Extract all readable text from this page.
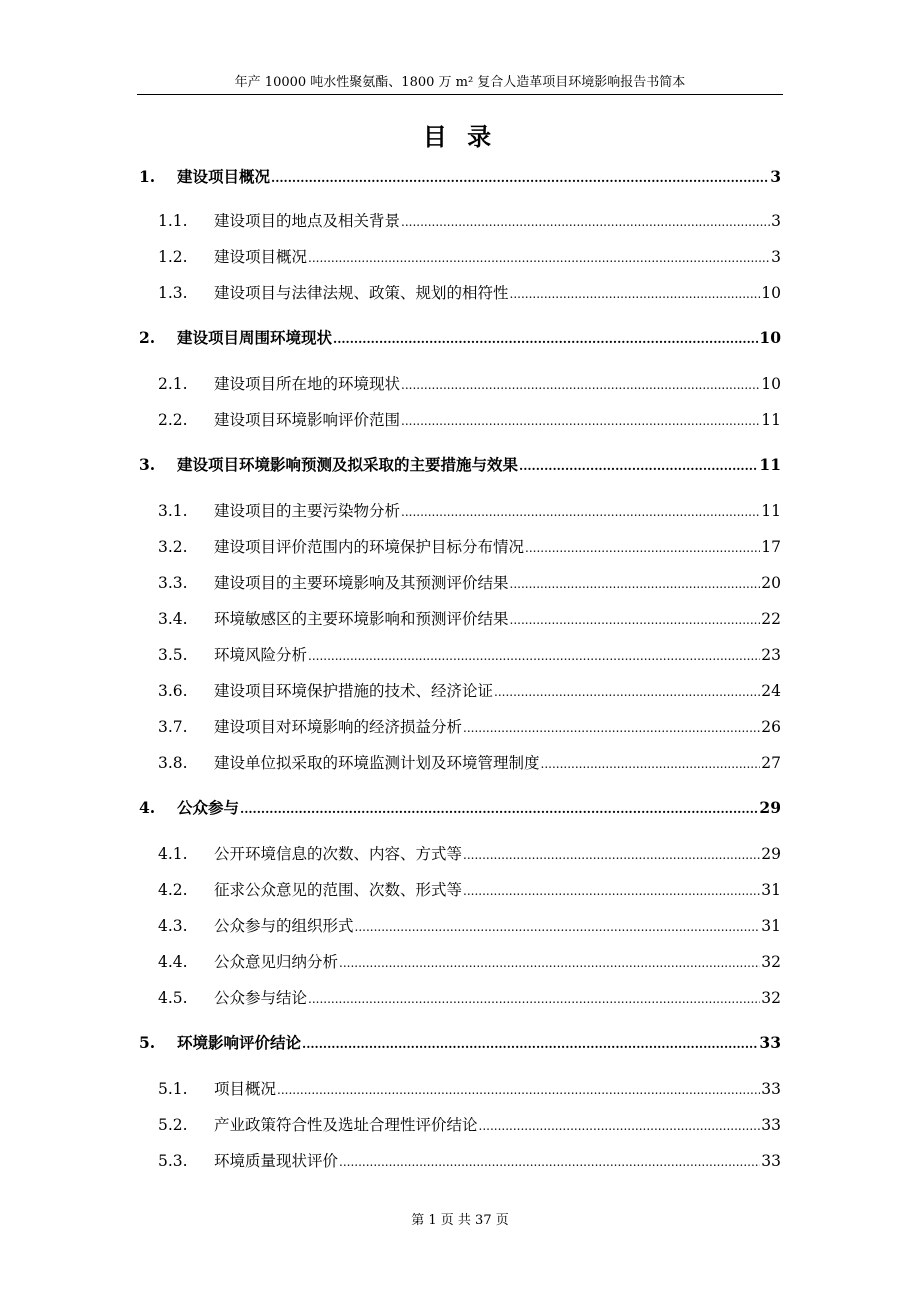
年产 10000 吨水性聚氨酯、1800 万 m² 复合人造革项目环境影响报告书简本
目 录
1.	建设项目概况 .....	3
1.1.	建设项目的地点及相关背景 .....	3
1.2.	建设项目概况 .....	3
1.3.	建设项目与法律法规、政策、规划的相符性 .....	10
2.	建设项目周围环境现状 .....	10
2.1.	建设项目所在地的环境现状 .....	10
2.2.	建设项目环境影响评价范围 .....	11
3.	建设项目环境影响预测及拟采取的主要措施与效果 .....	11
3.1.	建设项目的主要污染物分析 .....	11
3.2.	建设项目评价范围内的环境保护目标分布情况 .....	17
3.3.	建设项目的主要环境影响及其预测评价结果 .....	20
3.4.	环境敏感区的主要环境影响和预测评价结果 .....	22
3.5.	环境风险分析 .....	23
3.6.	建设项目环境保护措施的技术、经济论证 .....	24
3.7.	建设项目对环境影响的经济损益分析 .....	26
3.8.	建设单位拟采取的环境监测计划及环境管理制度 .....	27
4.	公众参与 .....	29
4.1.	公开环境信息的次数、内容、方式等 .....	29
4.2.	征求公众意见的范围、次数、形式等 .....	31
4.3.	公众参与的组织形式 .....	31
4.4.	公众意见归纳分析 .....	32
4.5.	公众参与结论 .....	32
5.	环境影响评价结论 .....	33
5.1.	项目概况 .....	33
5.2.	产业政策符合性及选址合理性评价结论 .....	33
5.3.	环境质量现状评价 .....	33
第 1 页 共 37 页
